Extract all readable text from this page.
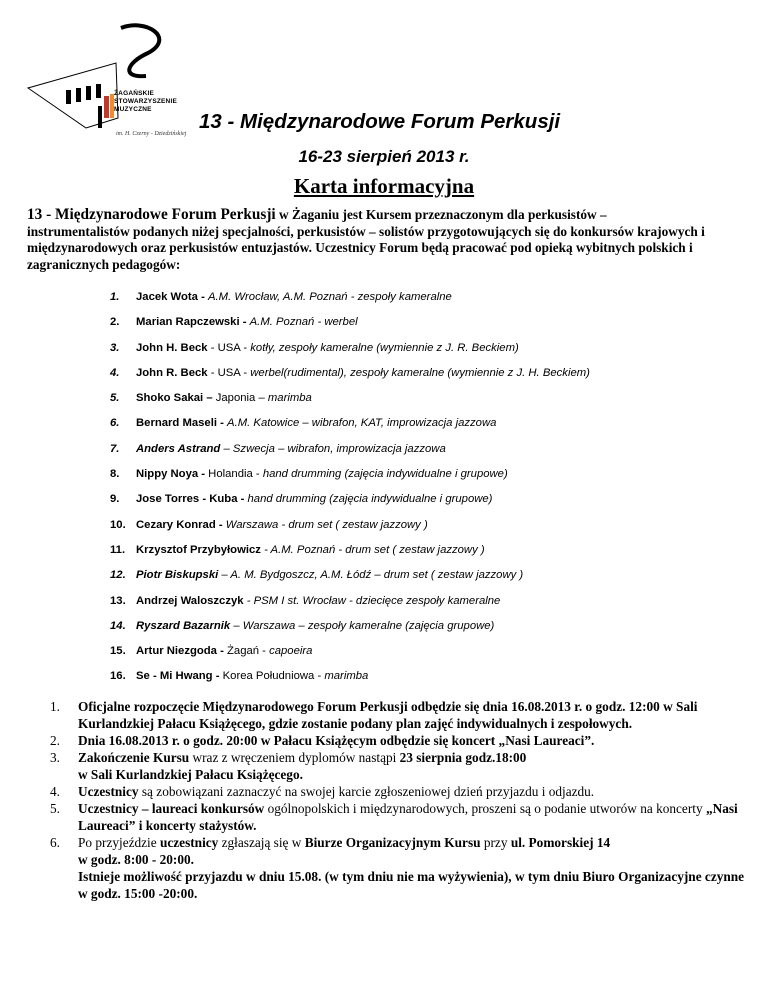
ŻAGAŃSKIE
STOWARZYSZENIE
MUZYCZNE
im. H. Czerny - Dziedzińskiej
13 - Międzynarodowe Forum Perkusji
16-23 sierpień 2013 r.
Karta informacyjna
13 - Międzynarodowe Forum Perkusji w Żaganiu jest Kursem przeznaczonym dla perkusistów –
instrumentalistów podanych niżej specjalności, perkusistów – solistów przygotowujących się do konkursów krajowych i międzynarodowych oraz perkusistów entuzjastów. Uczestnicy Forum będą pracować pod opieką wybitnych polskich i zagranicznych pedagogów:
1. Jacek Wota - A.M. Wrocław, A.M. Poznań - zespoły kameralne
2. Marian Rapczewski - A.M. Poznań - werbel
3. John H. Beck - USA - kotły, zespoły kameralne (wymiennie z J. R. Beckiem)
4. John R. Beck - USA - werbel(rudimental), zespoły kameralne (wymiennie z J. H. Beckiem)
5. Shoko Sakai – Japonia – marimba
6. Bernard Maseli - A.M. Katowice – wibrafon, KAT, improwizacja jazzowa
7. Anders Astrand – Szwecja – wibrafon, improwizacja jazzowa
8. Nippy Noya - Holandia - hand drumming (zajęcia indywidualne i grupowe)
9. Jose Torres - Kuba - hand drumming (zajęcia indywidualne i grupowe)
10. Cezary Konrad - Warszawa - drum set ( zestaw jazzowy )
11. Krzysztof Przybyłowicz - A.M. Poznań - drum set ( zestaw jazzowy )
12. Piotr Biskupski – A. M. Bydgoszcz, A.M. Łódź – drum set ( zestaw jazzowy )
13. Andrzej Waloszczyk - PSM I st. Wrocław - dziecięce zespoły kameralne
14. Ryszard Bazarnik – Warszawa – zespoły kameralne (zajęcia grupowe)
15. Artur Niezgoda - Żagań - capoeira
16. Se - Mi Hwang - Korea Południowa - marimba
1. Oficjalne rozpoczęcie Międzynarodowego Forum Perkusji odbędzie się dnia 16.08.2013 r. o godz. 12:00 w Sali Kurlandzkiej Pałacu Książęcego, gdzie zostanie podany plan zajęć indywidualnych i zespołowych.
2. Dnia 16.08.2013 r. o godz. 20:00 w Pałacu Książęcym odbędzie się koncert „Nasi Laureaci”.
3. Zakończenie Kursu wraz z wręczeniem dyplomów nastąpi 23 sierpnia godz.18:00
w Sali Kurlandzkiej Pałacu Książęcego.
4. Uczestnicy są zobowiązani zaznaczyć na swojej karcie zgłoszeniowej dzień przyjazdu i odjazdu.
5. Uczestnicy – laureaci konkursów ogólnopolskich i międzynarodowych, proszeni są o podanie utworów na koncerty „Nasi Laureaci” i koncerty stażystów.
6. Po przyjeździe uczestnicy zgłaszają się w Biurze Organizacyjnym Kursu przy ul. Pomorskiej 14
w godz. 8:00 - 20:00.
Istnieje możliwość przyjazdu w dniu 15.08. (w tym dniu nie ma wyżywienia), w tym dniu Biuro Organizacyjne czynne w godz. 15:00 -20:00.
